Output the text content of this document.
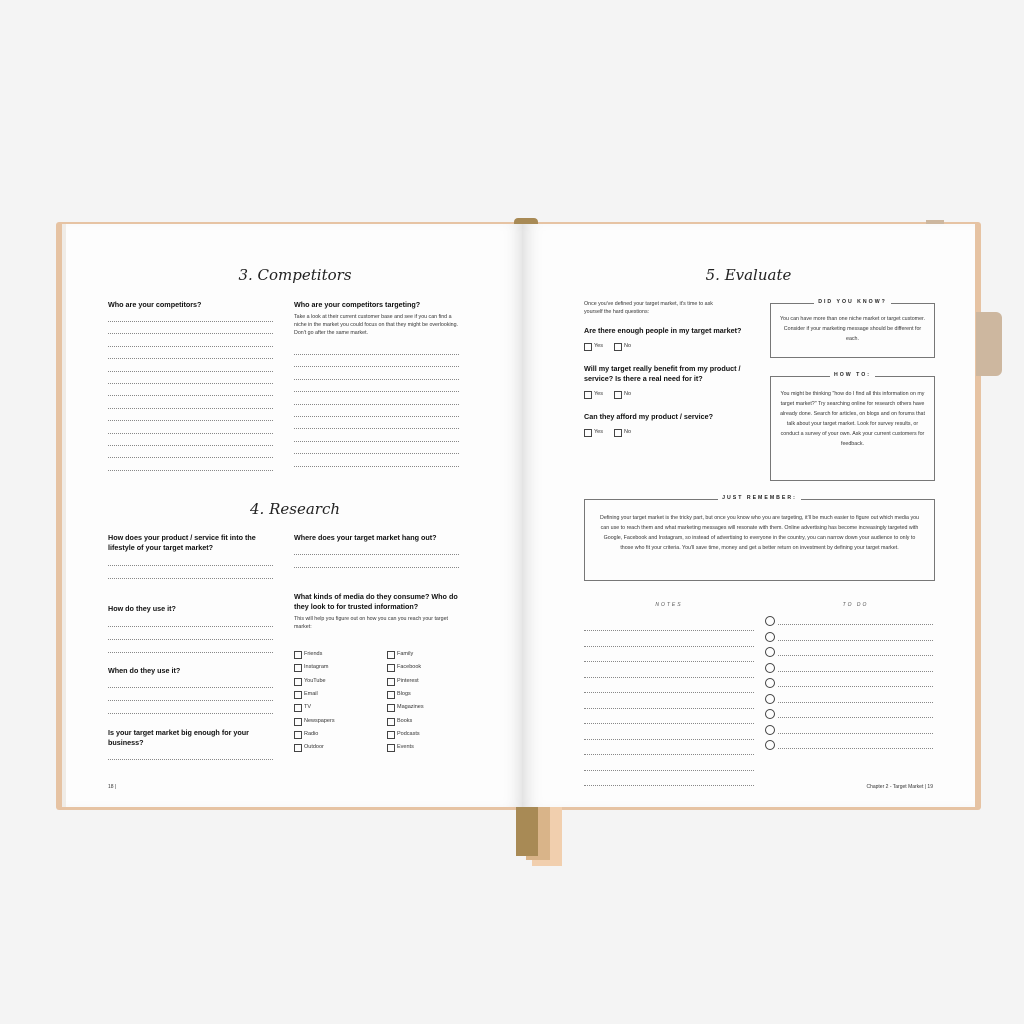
3. Competitors
Who are your competitors?	Who are your competitors targeting?
Take a look at their current customer base and see if you can find a niche in the market you could focus on that they might be overlooking. Don't go after the same market.
4. Research
How does your product / service fit into the lifestyle of your target market?
How do they use it?
When do they use it?
Is your target market big enough for your business?
Where does your target market hang out?
What kinds of media do they consume? Who do they look to for trusted information?
This will help you figure out on how you can you reach your target market:
Friends
Instagram
YouTube
Email
TV
Newspapers
Radio
Outdoor
Family
Facebook
Pinterest
Blogs
Magazines
Books
Podcasts
Events
18 |
5. Evaluate
Once you've defined your target market, it's time to ask yourself the hard questions:
Are there enough people in my target market?
Yes	No
Will my target really benefit from my product / service? Is there a real need for it?
Yes	No
Can they afford my product / service?
Yes	No
DID YOU KNOW?
You can have more than one niche market or target customer. Consider if your marketing message should be different for each.
HOW TO:
You might be thinking "how do I find all this information on my target market?" Try searching online for research others have already done. Search for articles, on blogs and on forums that talk about your target market. Look for survey results, or conduct a survey of your own. Ask your current customers for feedback.
JUST REMEMBER:
Defining your target market is the tricky part, but once you know who you are targeting, it'll be much easier to figure out which media you can use to reach them and what marketing messages will resonate with them. Online advertising has become increasingly targeted with Google, Facebook and Instagram, so instead of advertising to everyone in the country, you can narrow down your audience to only to those who fit your criteria. You'll save time, money and get a better return on investment by defining your target market.
NOTES	TO DO
Chapter 2 - Target Market | 19
